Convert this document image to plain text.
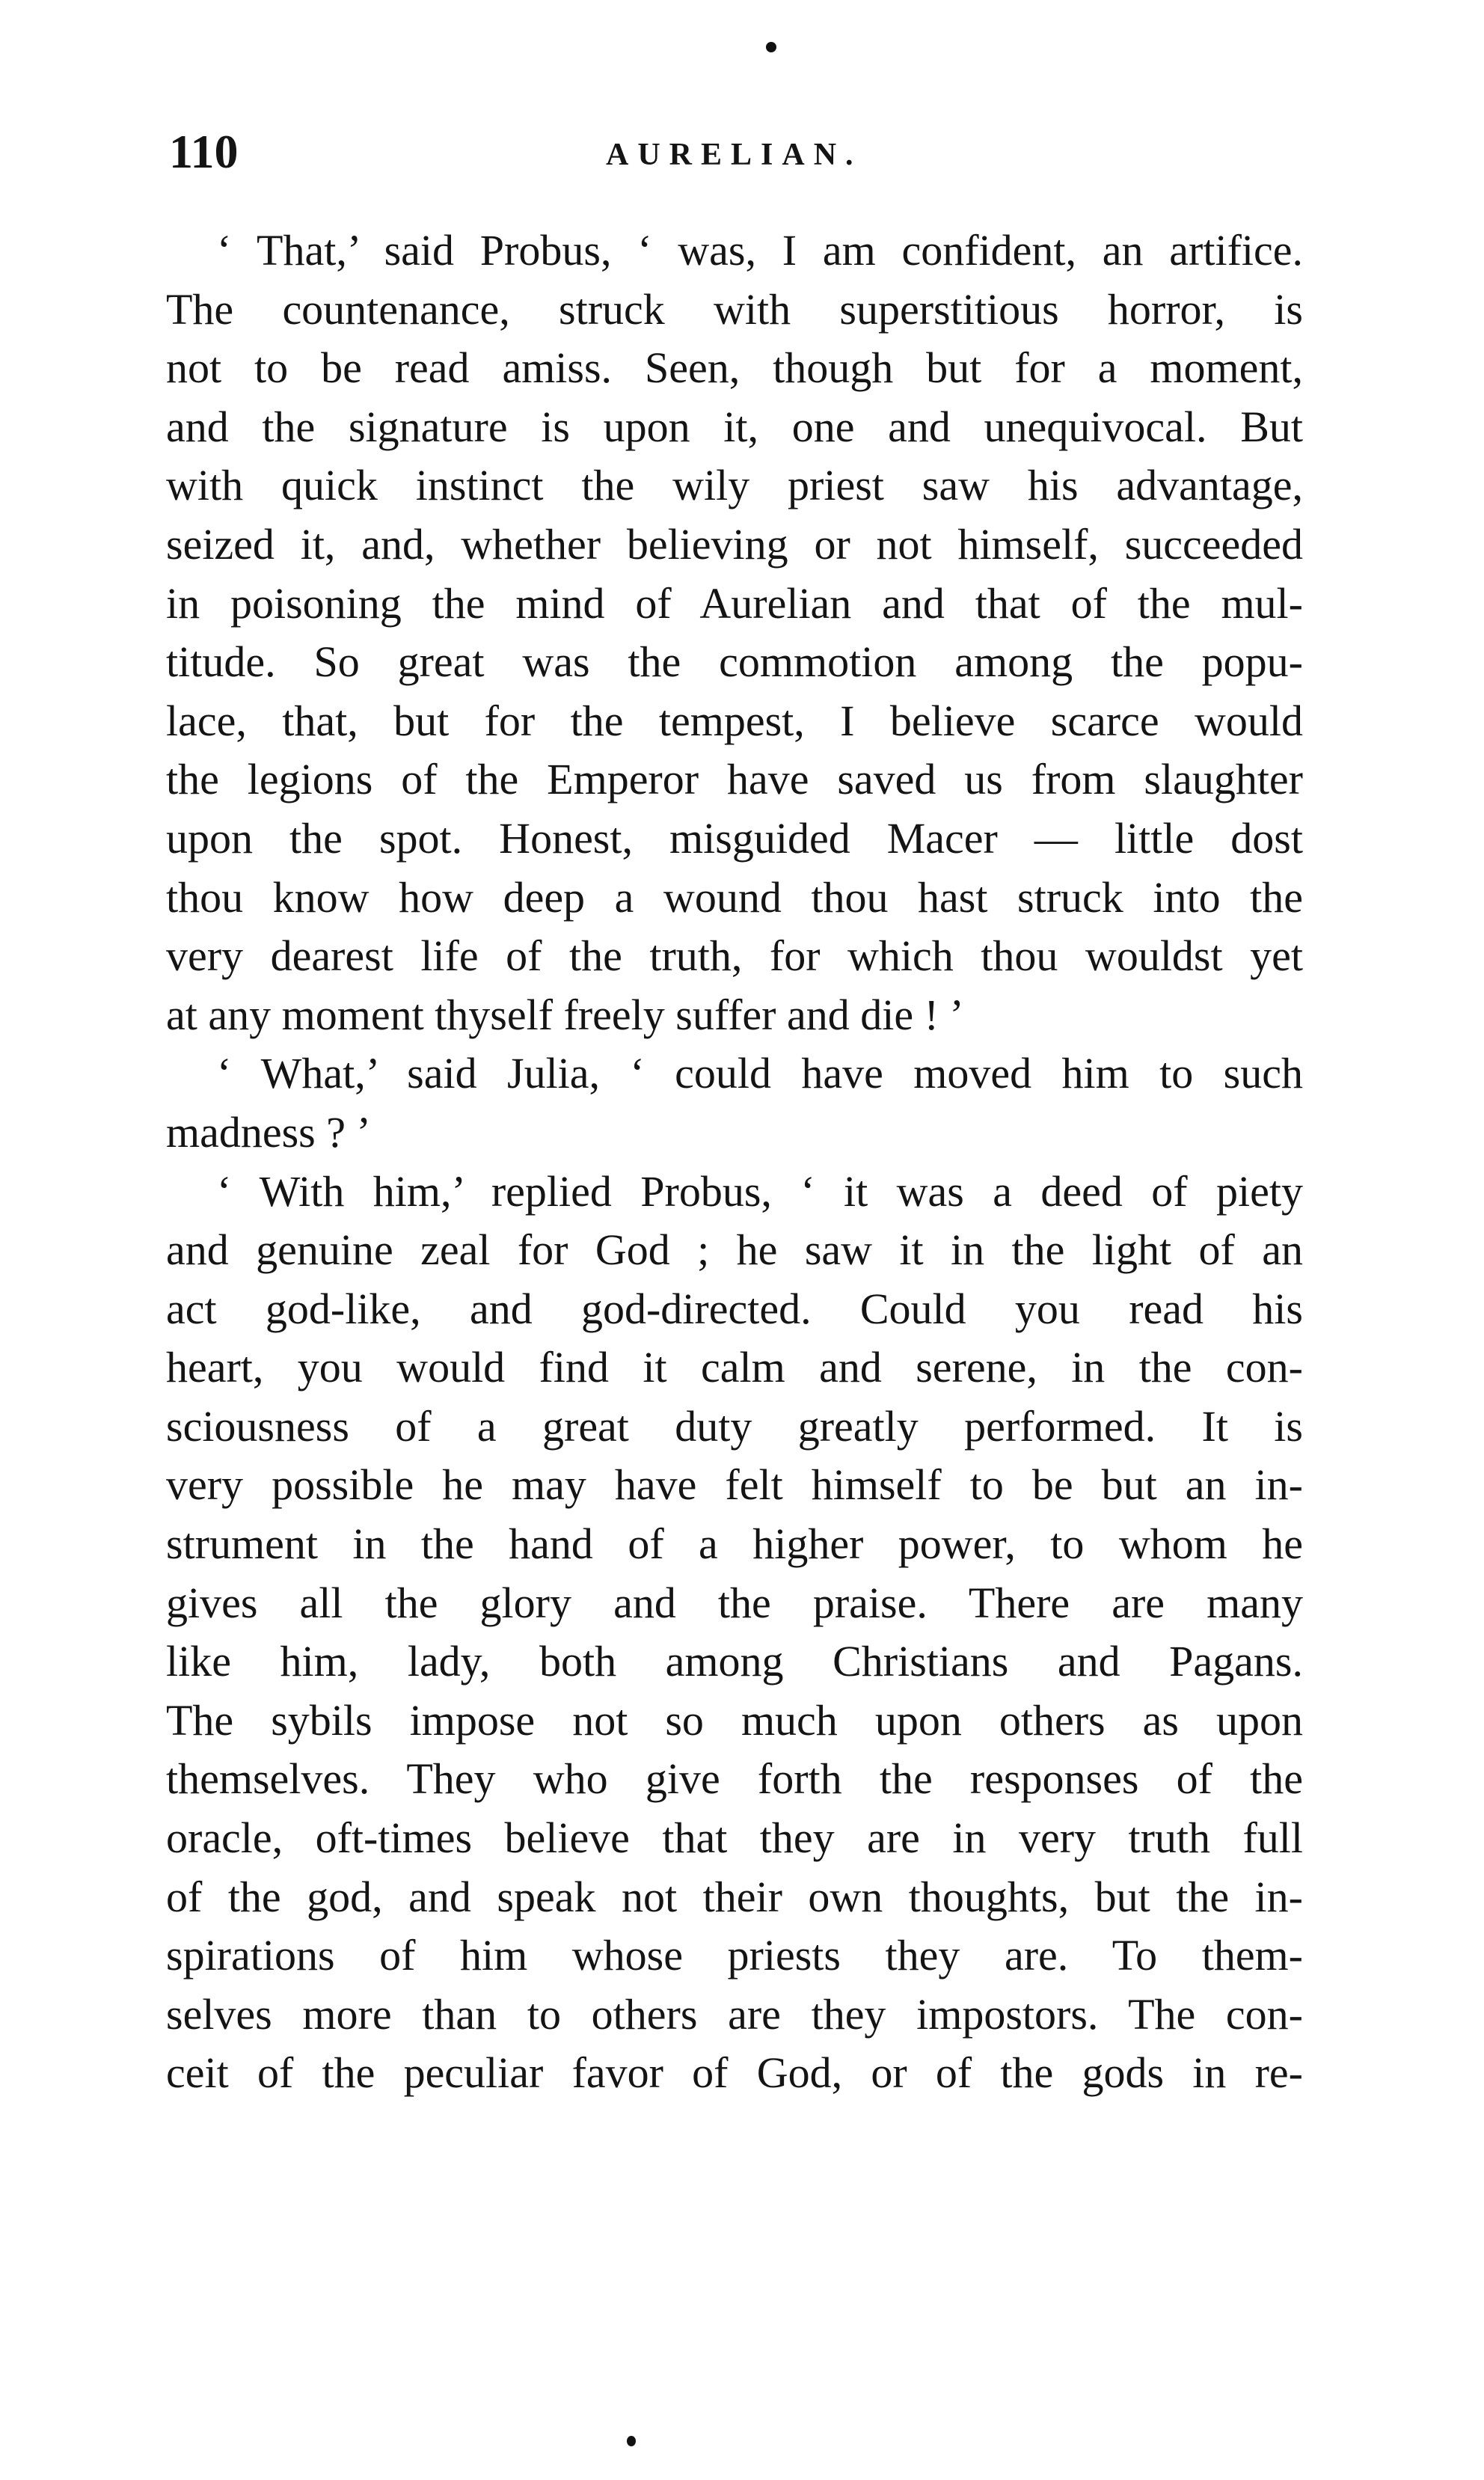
110	AURELIAN.
‘ That,’ said Probus, ‘ was, I am confident, an artifice.
The countenance, struck with superstitious horror, is
not to be read amiss. Seen, though but for a moment,
and the signature is upon it, one and unequivocal. But
with quick instinct the wily priest saw his advantage,
seized it, and, whether believing or not himself, succeeded
in poisoning the mind of Aurelian and that of the mul-
titude. So great was the commotion among the popu-
lace, that, but for the tempest, I believe scarce would
the legions of the Emperor have saved us from slaughter
upon the spot. Honest, misguided Macer — little dost
thou know how deep a wound thou hast struck into the
very dearest life of the truth, for which thou wouldst yet
at any moment thyself freely suffer and die ! ’
‘ What,’ said Julia, ‘ could have moved him to such
madness ? ’
‘ With him,’ replied Probus, ‘ it was a deed of piety
and genuine zeal for God ; he saw it in the light of an
act god-like, and god-directed. Could you read his
heart, you would find it calm and serene, in the con-
sciousness of a great duty greatly performed. It is
very possible he may have felt himself to be but an in-
strument in the hand of a higher power, to whom he
gives all the glory and the praise. There are many
like him, lady, both among Christians and Pagans.
The sybils impose not so much upon others as upon
themselves. They who give forth the responses of the
oracle, oft-times believe that they are in very truth full
of the god, and speak not their own thoughts, but the in-
spirations of him whose priests they are. To them-
selves more than to others are they impostors. The con-
ceit of the peculiar favor of God, or of the gods in re-
